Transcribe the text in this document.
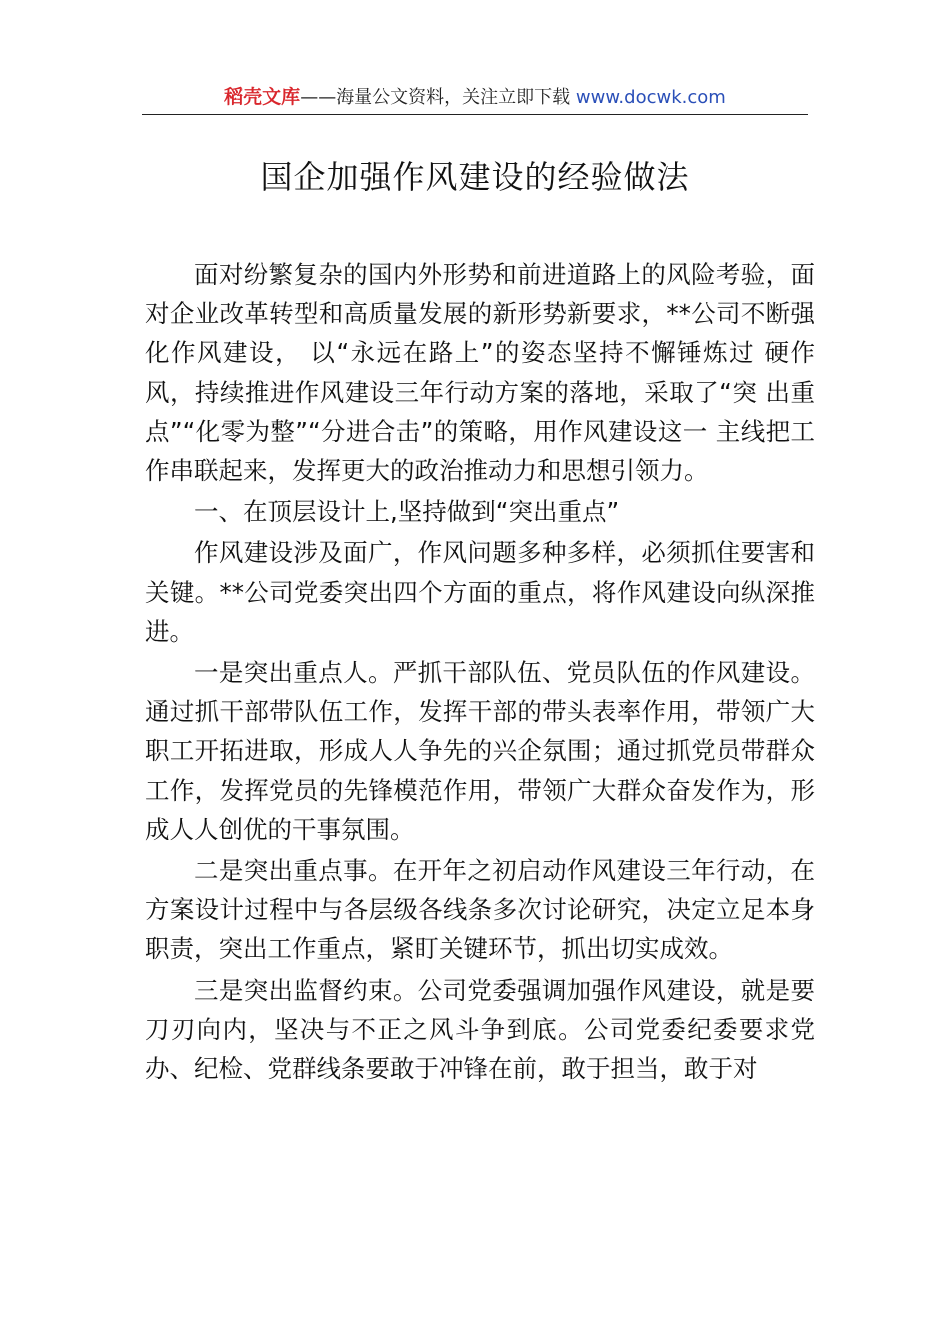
稻壳文库——海量公文资料，关注立即下载 www.docwk.com
国企加强作风建设的经验做法

面对纷繁复杂的国内外形势和前进道路上的风险考验，面对企业改革转型和高质量发展的新形势新要求，**公司不断强化作风建设， 以“永远在路上”的姿态坚持不懈锤炼过 硬作风，持续推进作风建设三年行动方案的落地，采取了“突 出重点”“化零为整”“分进合击”的策略，用作风建设这一 主线把工作串联起来，发挥更大的政治推动力和思想引领力。

一、在顶层设计上,坚持做到“突出重点”

作风建设涉及面广，作风问题多种多样，必须抓住要害和关键。**公司党委突出四个方面的重点，将作风建设向纵深推进。

一是突出重点人。严抓干部队伍、党员队伍的作风建设。通过抓干部带队伍工作，发挥干部的带头表率作用，带领广大职工开拓进取，形成人人争先的兴企氛围；通过抓党员带群众工作，发挥党员的先锋模范作用，带领广大群众奋发作为，形成人人创优的干事氛围。

二是突出重点事。在开年之初启动作风建设三年行动，在方案设计过程中与各层级各线条多次讨论研究，决定立足本身职责，突出工作重点，紧盯关键环节，抓出切实成效。

三是突出监督约束。公司党委强调加强作风建设，就是要刀刃向内，坚决与不正之风斗争到底。公司党委纪委要求党办、纪检、党群线条要敢于冲锋在前，敢于担当，敢于对
